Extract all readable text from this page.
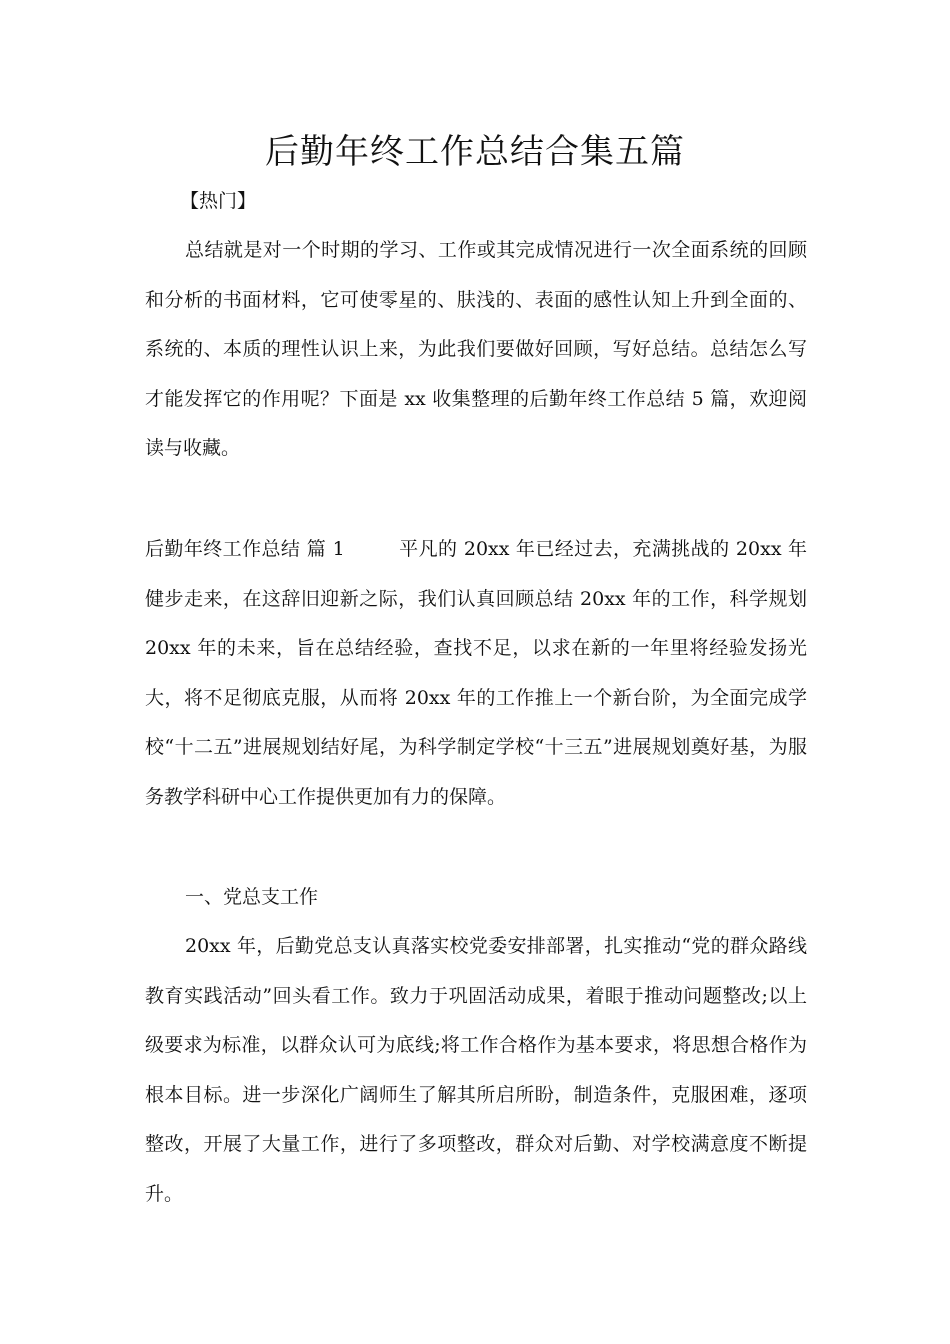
后勤年终工作总结合集五篇
【热门】

总结就是对一个时期的学习、工作或其完成情况进行一次全面系统的回顾和分析的书面材料，它可使零星的、肤浅的、表面的感性认知上升到全面的、系统的、本质的理性认识上来，为此我们要做好回顾，写好总结。总结怎么写才能发挥它的作用呢？下面是 xx 收集整理的后勤年终工作总结 5 篇，欢迎阅读与收藏。

后勤年终工作总结 篇 1	平凡的 20xx 年已经过去，充满挑战的 20xx 年健步走来，在这辞旧迎新之际，我们认真回顾总结 20xx 年的工作，科学规划 20xx 年的未来，旨在总结经验，查找不足，以求在新的一年里将经验发扬光大，将不足彻底克服，从而将 20xx 年的工作推上一个新台阶，为全面完成学校“十二五”进展规划结好尾，为科学制定学校“十三五”进展规划奠好基，为服务教学科研中心工作提供更加有力的保障。

一、党总支工作

20xx 年，后勤党总支认真落实校党委安排部署，扎实推动“党的群众路线教育实践活动”回头看工作。致力于巩固活动成果，着眼于推动问题整改;以上级要求为标准，以群众认可为底线;将工作合格作为基本要求，将思想合格作为根本目标。进一步深化广阔师生了解其所启所盼，制造条件，克服困难，逐项整改，开展了大量工作，进行了多项整改，群众对后勤、对学校满意度不断提升。
